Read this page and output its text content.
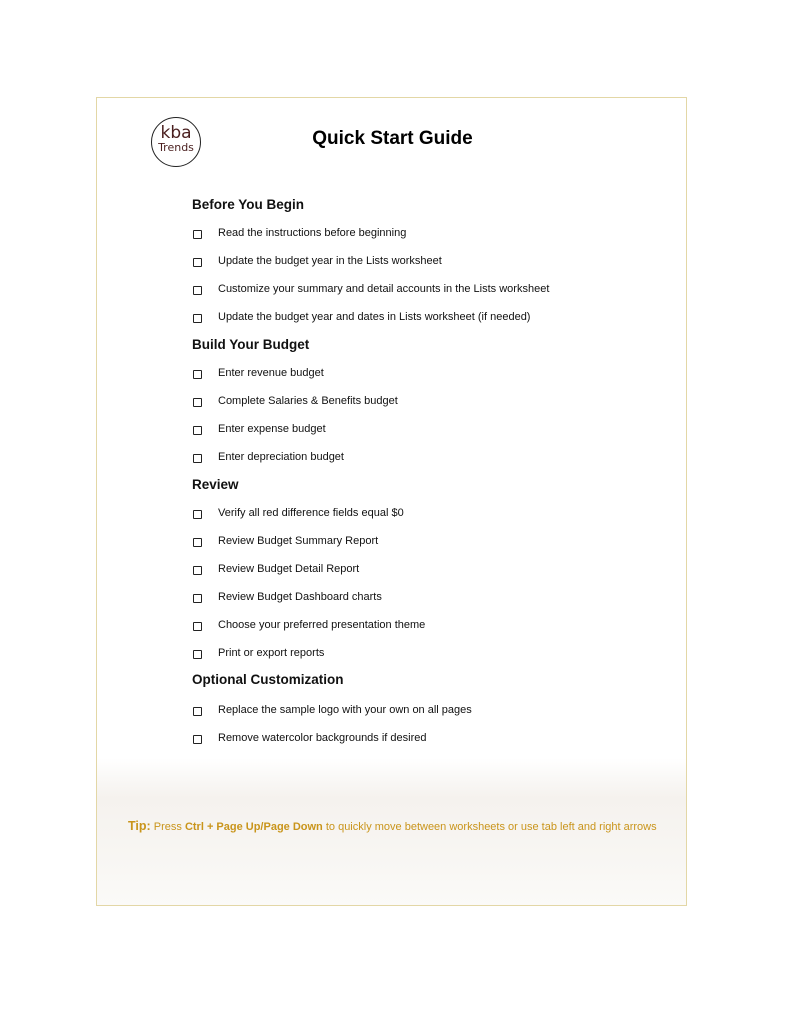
kba
Trends	Quick Start Guide
Before You Begin
Read the instructions before beginning
Update the budget year in the Lists worksheet
Customize your summary and detail accounts in the Lists worksheet
Update the budget year and dates in Lists worksheet (if needed)
Build Your Budget
Enter revenue budget
Complete Salaries & Benefits budget
Enter expense budget
Enter depreciation budget
Review
Verify all red difference fields equal $0
Review Budget Summary Report
Review Budget Detail Report
Review Budget Dashboard charts
Choose your preferred presentation theme
Print or export reports
Optional Customization
Replace the sample logo with your own on all pages
Remove watercolor backgrounds if desired
Tip: Press Ctrl + Page Up/Page Down to quickly move between worksheets or use tab left and right arrows
